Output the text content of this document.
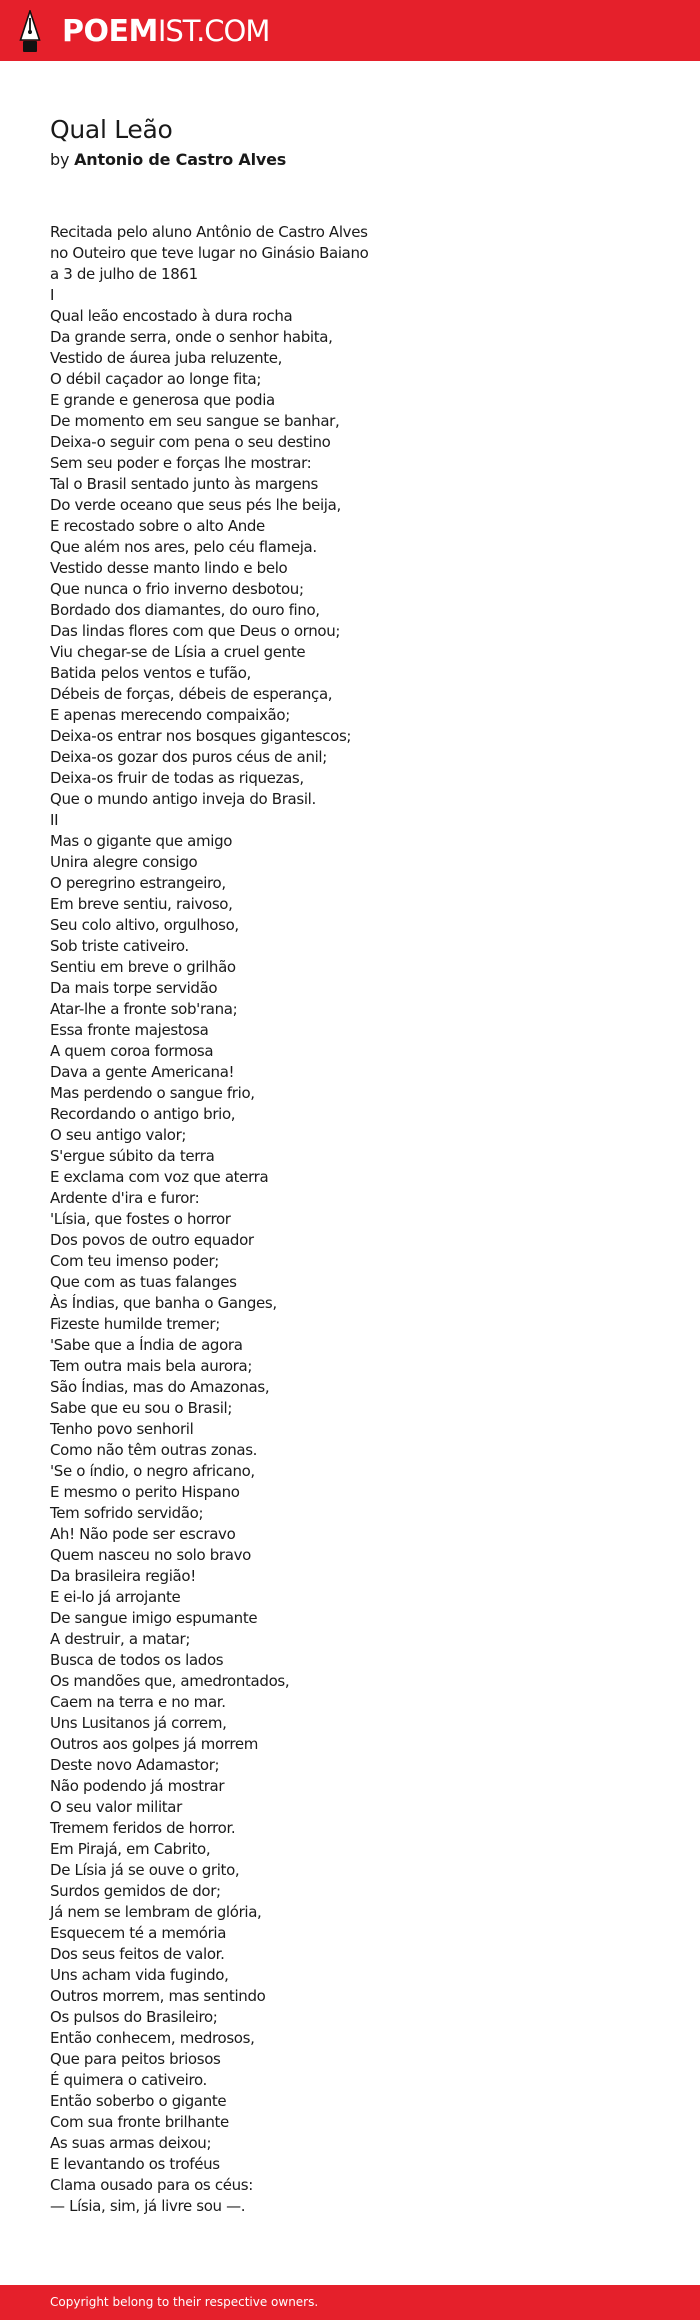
POEMIST.COM
Qual Leão
by Antonio de Castro Alves
Recitada pelo aluno Antônio de Castro Alves
no Outeiro que teve lugar no Ginásio Baiano
a 3 de julho de 1861
I
Qual leão encostado à dura rocha
Da grande serra, onde o senhor habita,
Vestido de áurea juba reluzente,
O débil caçador ao longe fita;
E grande e generosa que podia
De momento em seu sangue se banhar,
Deixa-o seguir com pena o seu destino
Sem seu poder e forças lhe mostrar:
Tal o Brasil sentado junto às margens
Do verde oceano que seus pés lhe beija,
E recostado sobre o alto Ande
Que além nos ares, pelo céu flameja.
Vestido desse manto lindo e belo
Que nunca o frio inverno desbotou;
Bordado dos diamantes, do ouro fino,
Das lindas flores com que Deus o ornou;
Viu chegar-se de Lísia a cruel gente
Batida pelos ventos e tufão,
Débeis de forças, débeis de esperança,
E apenas merecendo compaixão;
Deixa-os entrar nos bosques gigantescos;
Deixa-os gozar dos puros céus de anil;
Deixa-os fruir de todas as riquezas,
Que o mundo antigo inveja do Brasil.
II
Mas o gigante que amigo
Unira alegre consigo
O peregrino estrangeiro,
Em breve sentiu, raivoso,
Seu colo altivo, orgulhoso,
Sob triste cativeiro.
Sentiu em breve o grilhão
Da mais torpe servidão
Atar-lhe a fronte sob'rana;
Essa fronte majestosa
A quem coroa formosa
Dava a gente Americana!
Mas perdendo o sangue frio,
Recordando o antigo brio,
O seu antigo valor;
S'ergue súbito da terra
E exclama com voz que aterra
Ardente d'ira e furor:
'Lísia, que fostes o horror
Dos povos de outro equador
Com teu imenso poder;
Que com as tuas falanges
Às Índias, que banha o Ganges,
Fizeste humilde tremer;
'Sabe que a Índia de agora
Tem outra mais bela aurora;
São Índias, mas do Amazonas,
Sabe que eu sou o Brasil;
Tenho povo senhoril
Como não têm outras zonas.
'Se o índio, o negro africano,
E mesmo o perito Hispano
Tem sofrido servidão;
Ah! Não pode ser escravo
Quem nasceu no solo bravo
Da brasileira região!
E ei-lo já arrojante
De sangue imigo espumante
A destruir, a matar;
Busca de todos os lados
Os mandões que, amedrontados,
Caem na terra e no mar.
Uns Lusitanos já correm,
Outros aos golpes já morrem
Deste novo Adamastor;
Não podendo já mostrar
O seu valor militar
Tremem feridos de horror.
Em Pirajá, em Cabrito,
De Lísia já se ouve o grito,
Surdos gemidos de dor;
Já nem se lembram de glória,
Esquecem té a memória
Dos seus feitos de valor.
Uns acham vida fugindo,
Outros morrem, mas sentindo
Os pulsos do Brasileiro;
Então conhecem, medrosos,
Que para peitos briosos
É quimera o cativeiro.
Então soberbo o gigante
Com sua fronte brilhante
As suas armas deixou;
E levantando os troféus
Clama ousado para os céus:
— Lísia, sim, já livre sou —.
Copyright belong to their respective owners.
